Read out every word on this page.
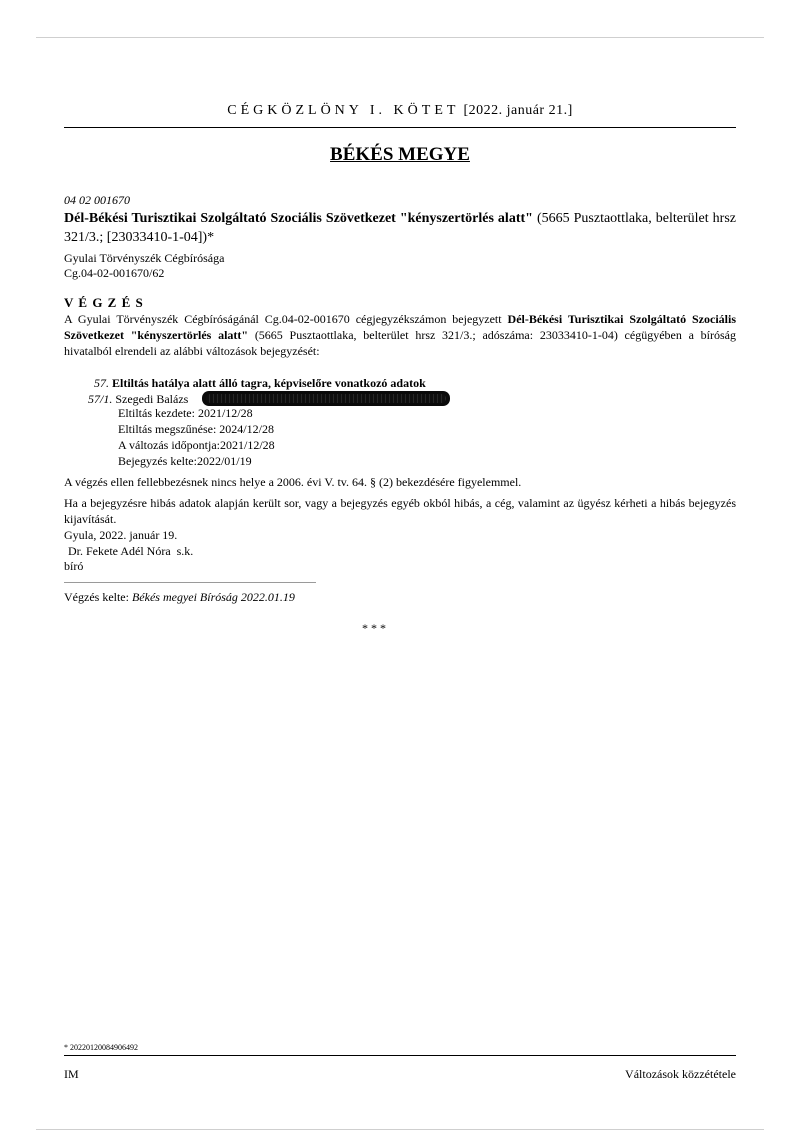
CÉGKÖZLÖNY I. KÖTET [2022. január 21.]
BÉKÉS MEGYE
04 02 001670
Dél-Békési Turisztikai Szolgáltató Szociális Szövetkezet "kényszertörlés alatt" (5665 Pusztaottlaka, belterület hrsz 321/3.; [23033410-1-04])*
Gyulai Törvényszék Cégbírósága
Cg.04-02-001670/62
V É G Z É S
A Gyulai Törvényszék Cégbíróságánál Cg.04-02-001670 cégjegyzékszámon bejegyzett Dél-Békési Turisztikai Szolgáltató Szociális Szövetkezet "kényszertörlés alatt" (5665 Pusztaottlaka, belterület hrsz 321/3.; adószáma: 23033410-1-04) cégügyében a bíróság hivatalból elrendeli az alábbi változások bejegyzését:
57. Eltiltás hatálya alatt álló tagra, képviselőre vonatkozó adatok
57/1. Szegedi Balázs
Eltiltás kezdete: 2021/12/28
Eltiltás megszűnése: 2024/12/28
A változás időpontja:2021/12/28
Bejegyzés kelte:2022/01/19
A végzés ellen fellebbezésnek nincs helye a 2006. évi V. tv. 64. § (2) bekezdésére figyelemmel.
Ha a bejegyzésre hibás adatok alapján került sor, vagy a bejegyzés egyéb okból hibás, a cég, valamint az ügyész kérheti a hibás bejegyzés kijavítását.
Gyula, 2022. január 19.
Dr. Fekete Adél Nóra  s.k.
bíró
Végzés kelte: Békés megyei Bíróság 2022.01.19
* * *
* 20220120084906492
IM	Változások közzététele
